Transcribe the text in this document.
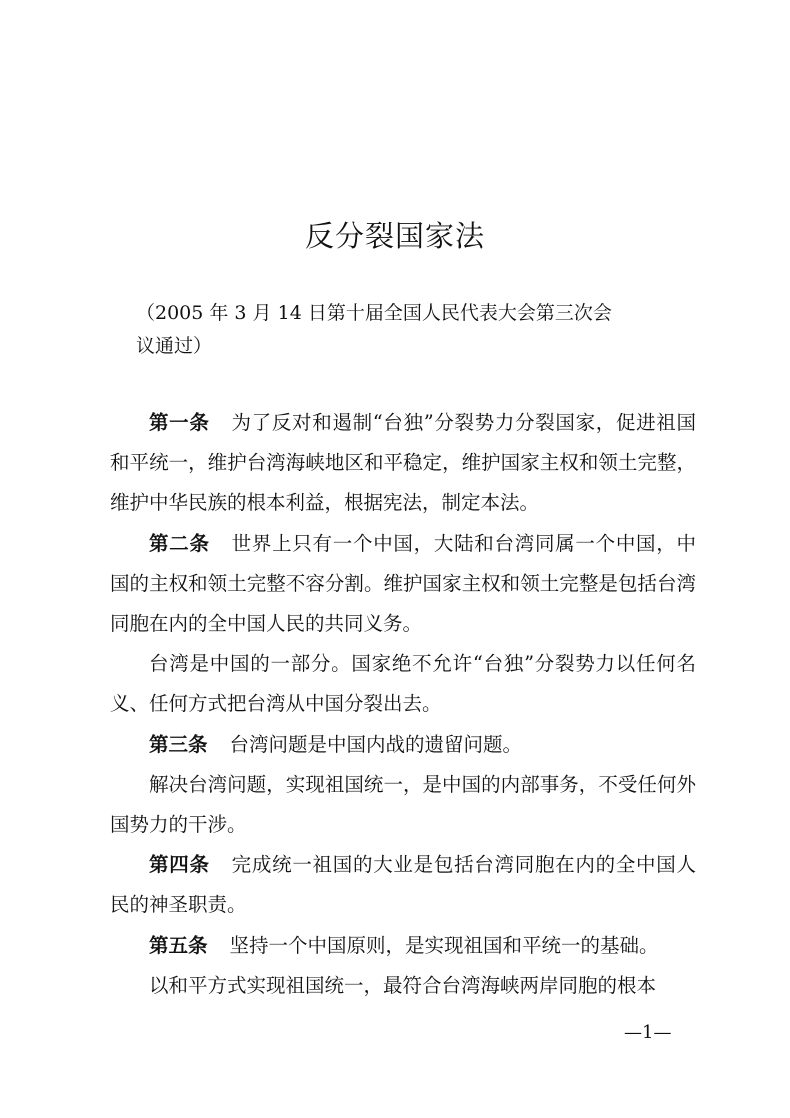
反分裂国家法
（2005 年 3 月 14 日第十届全国人民代表大会第三次会
议通过）

第一条 为了反对和遏制“台独”分裂势力分裂国家，促进祖国和平统一，维护台湾海峡地区和平稳定，维护国家主权和领土完整，维护中华民族的根本利益，根据宪法，制定本法。

第二条 世界上只有一个中国，大陆和台湾同属一个中国，中国的主权和领土完整不容分割。维护国家主权和领土完整是包括台湾同胞在内的全中国人民的共同义务。

台湾是中国的一部分。国家绝不允许“台独”分裂势力以任何名义、任何方式把台湾从中国分裂出去。

第三条 台湾问题是中国内战的遗留问题。

解决台湾问题，实现祖国统一，是中国的内部事务，不受任何外国势力的干涉。

第四条 完成统一祖国的大业是包括台湾同胞在内的全中国人民的神圣职责。

第五条 坚持一个中国原则，是实现祖国和平统一的基础。

以和平方式实现祖国统一，最符合台湾海峡两岸同胞的根本

—1—
